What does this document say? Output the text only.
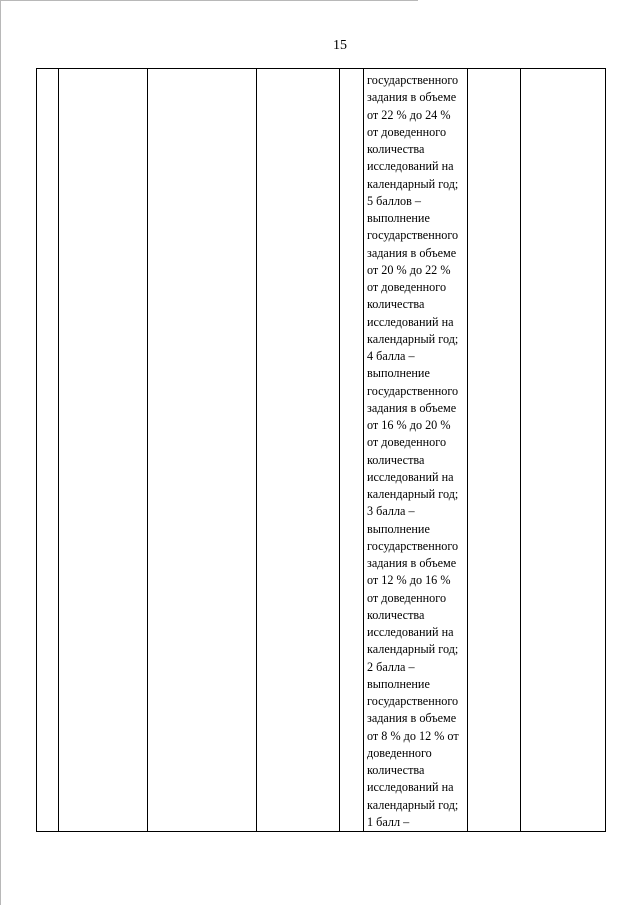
15

государственного
задания в объеме
от 22 % до 24 %
от доведенного
количества
исследований на
календарный год;
5 баллов –
выполнение
государственного
задания в объеме
от 20 % до 22 %
от доведенного
количества
исследований на
календарный год;
4 балла –
выполнение
государственного
задания в объеме
от 16 % до 20 %
от доведенного
количества
исследований на
календарный год;
3 балла –
выполнение
государственного
задания в объеме
от 12 % до 16 %
от доведенного
количества
исследований на
календарный год;
2 балла –
выполнение
государственного
задания в объеме
от 8 % до 12 % от
доведенного
количества
исследований на
календарный год;
1 балл –
